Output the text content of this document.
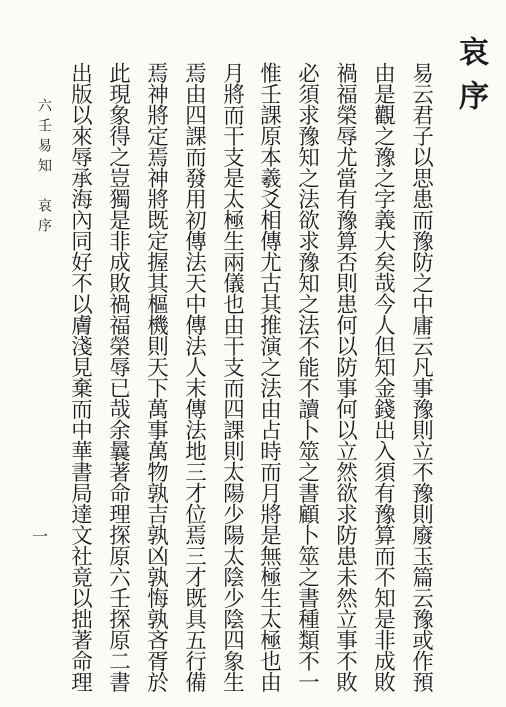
哀序
易云君子以思患而豫防之中庸云凡事豫則立不豫則廢玉篇云豫或作預
由是觀之豫之字義大矣哉今人但知金錢出入須有豫算而不知是非成敗
禍福榮辱尤當有豫算否則患何以防事何以立然欲求防患未然立事不敗
必須求豫知之法欲求豫知之法不能不讀卜筮之書顧卜筮之書種類不一
惟壬課原本羲爻相傳尤古其推演之法由占時而月將是無極生太極也由
月將而干支是太極生兩儀也由干支而四課則太陽少陽太陰少陰四象生
焉由四課而發用初傳法天中傳法人末傳法地三才位焉三才既具五行備
焉神將定焉神將既定握其樞機則天下萬事萬物孰吉孰凶孰悔孰吝胥於
此現象得之豈獨是非成敗禍福榮辱已哉余曩著命理探原六壬探原二書
出版以來辱承海內同好不以膚淺見棄而中華書局達文社竟以拙著命理
六壬易知哀序
一
